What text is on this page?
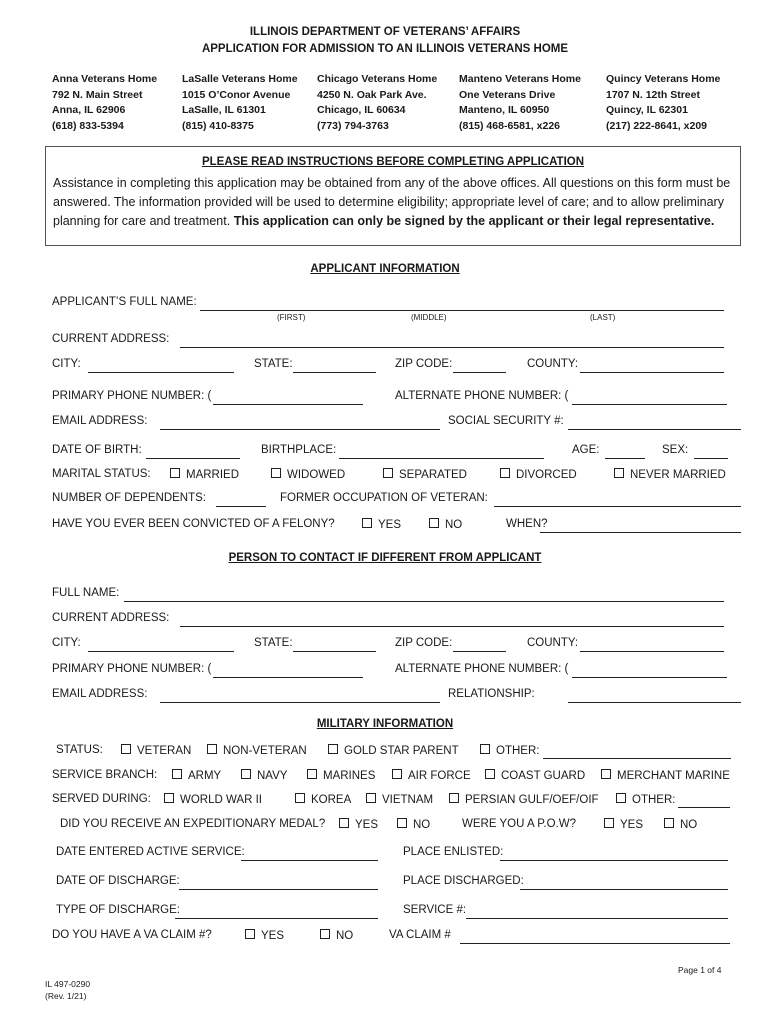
ILLINOIS DEPARTMENT OF VETERANS’ AFFAIRS
APPLICATION FOR ADMISSION TO AN ILLINOIS VETERANS HOME
Anna Veterans Home
792 N. Main Street
Anna, IL 62906
(618) 833-5394
LaSalle Veterans Home
1015 O’Conor Avenue
LaSalle, IL 61301
(815) 410-8375
Chicago Veterans Home
4250 N. Oak Park Ave.
Chicago, IL 60634
(773) 794-3763
Manteno Veterans Home
One Veterans Drive
Manteno, IL 60950
(815) 468-6581, x226
Quincy Veterans Home
1707 N. 12th Street
Quincy, IL 62301
(217) 222-8641, x209
PLEASE READ INSTRUCTIONS BEFORE COMPLETING APPLICATION
Assistance in completing this application may be obtained from any of the above offices. All questions on this form must be answered. The information provided will be used to determine eligibility; appropriate level of care; and to allow preliminary planning for care and treatment. This application can only be signed by the applicant or their legal representative.
APPLICANT INFORMATION
APPLICANT’S FULL NAME:
(FIRST)	(MIDDLE)	(LAST)
CURRENT ADDRESS:
CITY:	STATE:	ZIP CODE:	COUNTY:
PRIMARY PHONE NUMBER: (	ALTERNATE PHONE NUMBER: (
EMAIL ADDRESS:	SOCIAL SECURITY #:
DATE OF BIRTH:	BIRTHPLACE:	AGE:	SEX:
MARITAL STATUS:	MARRIED	WIDOWED	SEPARATED	DIVORCED	NEVER MARRIED
NUMBER OF DEPENDENTS:	FORMER OCCUPATION OF VETERAN:
HAVE YOU EVER BEEN CONVICTED OF A FELONY?	YES	NO	WHEN?
PERSON TO CONTACT IF DIFFERENT FROM APPLICANT
FULL NAME:
CURRENT ADDRESS:
CITY:	STATE:	ZIP CODE:	COUNTY:
PRIMARY PHONE NUMBER: (	ALTERNATE PHONE NUMBER: (
EMAIL ADDRESS:	RELATIONSHIP:
MILITARY INFORMATION
STATUS:	VETERAN	NON-VETERAN	GOLD STAR PARENT	OTHER:
SERVICE BRANCH:	ARMY	NAVY	MARINES	AIR FORCE	COAST GUARD	MERCHANT MARINE
SERVED DURING:	WORLD WAR II	KOREA	VIETNAM	PERSIAN GULF/OEF/OIF	OTHER:
DID YOU RECEIVE AN EXPEDITIONARY MEDAL?	YES	NO	WERE YOU A P.O.W?	YES	NO
DATE ENTERED ACTIVE SERVICE:	PLACE ENLISTED:
DATE OF DISCHARGE:	PLACE DISCHARGED:
TYPE OF DISCHARGE:	SERVICE #:
DO YOU HAVE A VA CLAIM #?	YES	NO	VA CLAIM #
Page 1 of 4
IL 497-0290
(Rev. 1/21)
